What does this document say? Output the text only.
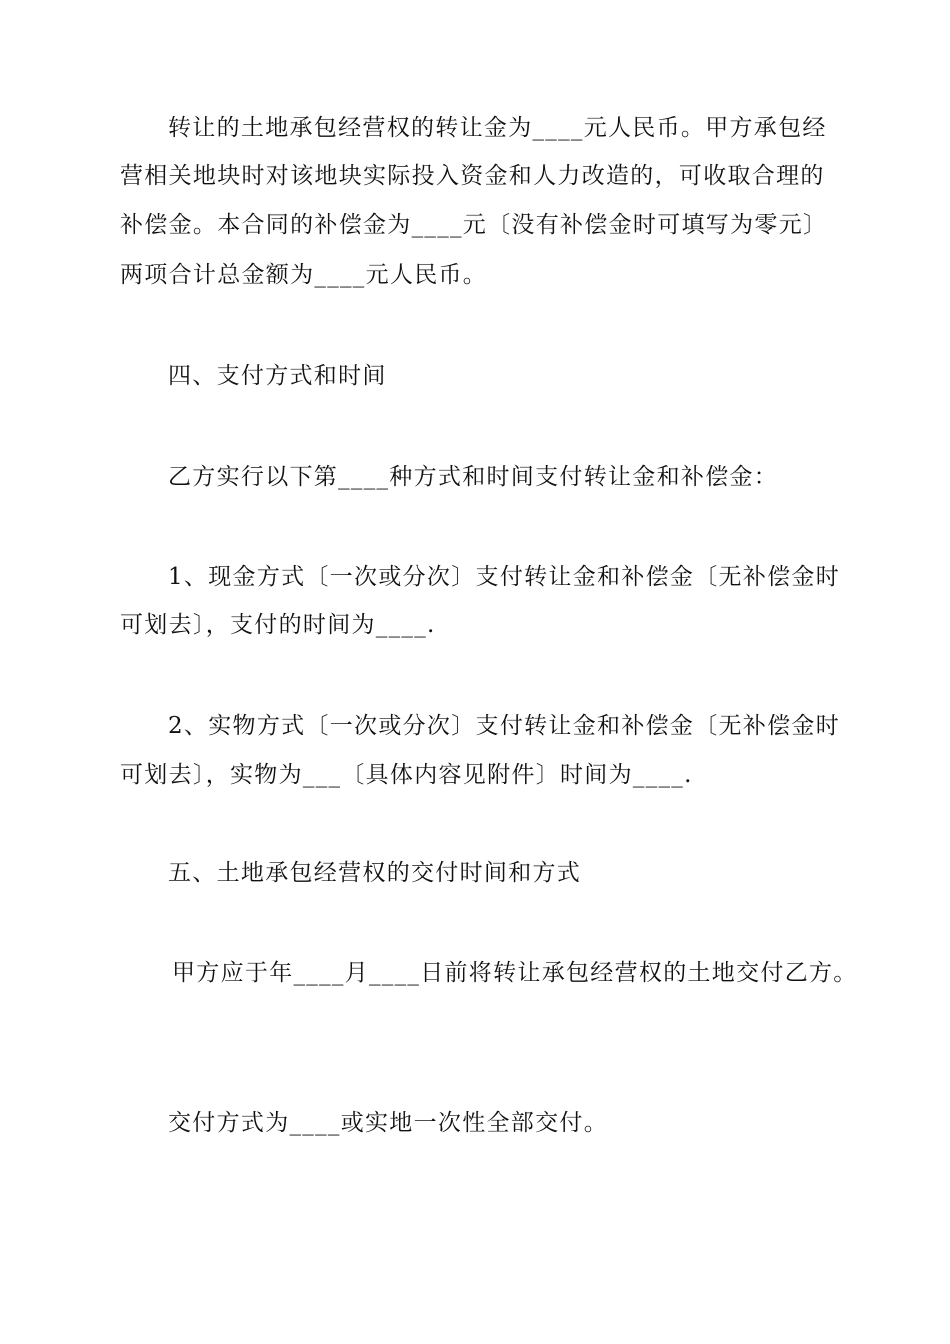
转让的土地承包经营权的转让金为____元人民币。甲方承包经
营相关地块时对该地块实际投入资金和人力改造的，可收取合理的
补偿金。本合同的补偿金为____元〔没有补偿金时可填写为零元〕
两项合计总金额为____元人民币。
四、支付方式和时间
乙方实行以下第____种方式和时间支付转让金和补偿金：
1、现金方式〔一次或分次〕支付转让金和补偿金〔无补偿金时
可划去〕，支付的时间为____.
2、实物方式〔一次或分次〕支付转让金和补偿金〔无补偿金时
可划去〕，实物为___〔具体内容见附件〕时间为____.
五、土地承包经营权的交付时间和方式
甲方应于年____月____日前将转让承包经营权的土地交付乙方。
交付方式为____或实地一次性全部交付。
